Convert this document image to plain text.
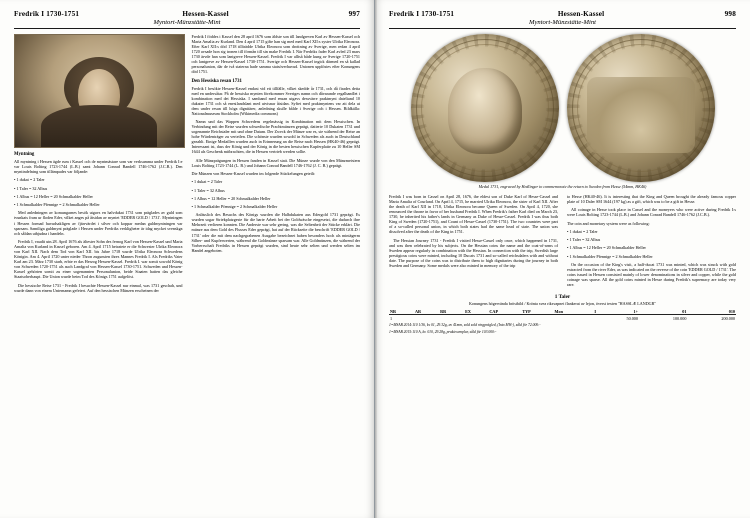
Fredrik I 1730-1751	Hessen-Kassel	997
Myntort-Münzstätte-Mint
Myntning

All myntning i Hessen ägde rum i Kassel och de myntmästare som var verksamma under Fredrik I:e var Louis Bolting 1723-1744 (L.B.) samt Johann Conrad Bandell 1746-1762 (J.C.B.). Den myntindelning som tillämpades var följande:

• 1 dukat = 2 Taler

• 1 Taler = 32 Albus

• 1 Albus = 12 Heller = 20 Schmalkalder Heller

• 1 Schmalkalder Pfennige = 2 Schmalkalder Heller

Med anledningen av komungarnes besök utgavs en halvdukat 1731 som präglades av guld som tvunkats fram ur floden Eder, vilket anges på åtsidan av myntet 'EDDER GOLD / 1731'. Myntningen i Hessen formad huvudsakligen av fjärrvärdet i silver och koppar medan guldmyntningen var sparsam. Samtliga guldmynt präglade i Hessen under Fredriks verkligheter är idag mycket svenskga och såldan utbjudna i handeln.

Fredrik I, vaudit utn.28. April 1676 als ältester Sohn des fernog Karl von Hessen-Kassel und Maria Amalia von Kurland in Kassel geboren. Am 4. April 1715 heiratete er die Schwester Ulrika Eleonora von Karl XII. Nach dem Tod von Karl XII. bis Jahre 1718 wurde Ulrika Eleonora Schwedens Königin. Am 4. April 1720 unter nieder Thron zugunsten ihres Mannes Fredrik I. Als Fredriks Vater Karl am 23. März 1730 starb, erbte er das Herzog Hessen-Kassel. Fredrik I. war somit sowohl König von Schweden 1720-1751 als auch Landgraf von Hessen-Kassel 1730-1751. Schweden und Hessen-Kassel gehörten somit zu einer sogenannten Personalunion, beide Staaten hatten das gleiche Staatsoberhaupt. Die Union wurde beim Tod des Königs 1751 aufgelöst.

Die hessische Reise 1731 - Fredrik I besuchte Hessen-Kassel nur einmal, was 1731 geschah, und wurde dann von einem Unternamn gefeiert. Auf den hessischen Münzen erscheinen der

Fredrik I föddes i Kassel den 28 april 1676 som äldste son till landgreven Karl av Hessen-Kassel och Maria Amalia av Kurland. Den 4 april 1715 gifte han sig med med Karl XII:s syster Ulrika Eleonora. Efter Karl XII:s död 1718 tillträdde Ulrika Eleonora som drottning av Sverige, men redan 4 april 1720 avsade hon sig tronen till förmån till sin make Fredrik I. När Fredriks fader Karl avled 23 mars 1730 ärvde han som lantgreve Hessen-Kassel. Fredrik I var alltså både kung av Sverige 1720-1751 och lantgreve av Hessen-Kassel 1730-1751. Sverige och Hessen-Kassel ingick därmed en så kallad personalunion, där de två staterna hade samma statsöverhuvud. Unionen upplöstes efter Konungens död 1751.

Den Hessiska resan 1731

Fredrik I besökte Hessen-Kassel endast vid ett tillfälle, vilket skedde år 1731, och då firades detta med en undersåtar. På de hessiska mynten förekommer Sveriges namn och dåvarande regalhandlet i kombination med det Hessiska. I samband med ensan utgavs dessvärre praktmynt dateliand 10 dukater 1731 och så enestlandslant med utvisnar åtsidan. Syftet med praktmyntens var att dela ut dem under resan till höga dignitärer, anledning skulle bålde i Sverige och i Hessen. Bildkälla: Nationalmuseum Stockholm (Wikimedia commons)

Namn und das Wappen Schwedens regelmässig in Kombination mit dem Hessischen. In Verbindung mit der Reise wurden schwedische Prachtmünzen geprägt, datierte 10 Dukaten 1731 und sogenannte Reichstaler mit und ohne Datum. Der Zweck der Münze war es, sie während der Reise an hohe Würdenträger zu verteilen. Die schönste wurden sowohl in Schweden als auch in Deutschland gezahlt. Einige Medaillen wurden auch in Erinnerung an die Reise nach Hessen (HK40-46) geprägt. Interessant ist, dass der König und der König in die besten hessischen Kupferplatte zu 10 Heller SM 1644 als Geschenk mitbrachten, die in Hessen vertrieb werden sollte.

Alle Münzprägungen in Hessen fanden in Kassel statt. Die Münze wurde von den Münzmeistern Louis Bolting 1723-1744 (L. B.) und Johann Conrad Bandell 1746-1762 (J. C. B.) geprägt.

Die Münzen von Hessen-Kassel wurden im folgende Stückelungen geteilt:

• 1 dukat = 2 Taler

• 1 Taler = 32 Albus

• 1 Albus = 12 Heller = 20 Schmalkalder Heller

• 1 Schmalkalder Pfennige = 2 Schmalkalder Heller

Anlässlich des Besuchs des Königs wurden die Halbdukaten aus Edergold 1731 geprägt. Es wurden sogar Striekplatzgeste für die barte Arbeit bei der Goldwäsche eingesetzt, die dadurch ihre Mehrzeit verlieren konnten. Die Anderste war sehr gering, was die Seltenheit der Stücke erklärt. Die münze aus dem Gold des Flusses Eder geprägt, hat auf der Rückseite die beschrift 'EDDER GOLD / 1731' oder die mit dem nachgegrabenen Ausgabe bezeichnet haben besonders hoch als mintägerm Silber- und Kupferwerten, während die Goldmünze sparsam war. Alle Goldmünzen, die während der Vorherrschaft Fredriks in Hessen geprägt wurden, sind heute sehr selten und werden selten im Handel angeboten.

Fredrik I 1730-1751	Hessen-Kassel	998
Myntort-Münzstätte-Mint
Medal 1731, engraved by Hedlinger to commemorate the return to Sweden from Hesse (54mm, HK46)

Fredrik I was born in Cassel on April 28, 1676, the eldest son of Duke Karl of Hesse-Cassel and Maria Amalia of Courland. On April 4, 1715, he married Ulrika Eleonora, the sister of Karl XII. After the death of Karl XII in 1718, Ulrika Eleonora became Queen of Sweden. On April 4, 1720, she renounced the throne in favor of her husband Fredrik I. When Fredrik's father Karl died on March 23, 1730, he inherited his father's lands in Germany as Duke of Hesse-Cassel. Fredrik I was thus both King of Sweden (1720-1751), and Count of Hesse-Cassel (1730-1751). The two countries were part of a so-called personal union, in which both states had the same head of state. The union was dissolved after the death of the King in 1751.

The Hessian Journey 1731 - Fredrik I visited Hesse-Cassel only once, which happened in 1731, and was then celebrated by his subjects. On the Hessian coins the name and the coat-of-arms of Sweden appear regularly in combination with the Hessian. In connection with the trip, Swedish large prestigious coins were minted, including 10 Ducats 1731 and so-called reichsdalers with and without date. The purpose of the coins was to distribute them to high dignitaries during the journey in both Sweden and Germany. Some medals were also minted in memory of the trip

to Hesse (HK40-46). It is interesting that the King and Queen brought the already famous copper plate of 10 Daler SM 1644 (197 kg) as a gift, which was to be a gift in Hesse.

All coinage in Hesse took place in Cassel and the moneyers who were active during Fredrik I:s were Louis Bolting 1723-1744 (L.B.) and Johann Conrad Bandell 1746-1762 (J.C.B.).

The coin and monetary system were as following:

• 1 dukat = 2 Taler

• 1 Taler = 32 Albus

• 1 Albus = 12 Heller = 20 Schmalkalder Heller

• 1 Schmalkalder Pfennige = 2 Schmalkalder Heller

On the occasion of the King's visit, a half-ducat 1731 was minted, which was struck with gold extracted from the river Eder, as was indicated on the reverse of the coin 'EDDER GOLD / 1731'. The coins issued in Hessen consisted mainly of lower denominations in silver and copper, while the gold coinage was sparse. All the gold coins minted in Hesse during Fredrik's supremacy are today very rare.

1 Taler
Konungens högervända bröstbild / Krönta svea riksvapnet flankerat av lejon, överst texten "HASSLÆ LANDGR"
NR	AR	RR	EX	CAP	TYP	Mon	I	1+	01	010
1								50.000	100.000	200.000
1=MSAB 2014:110 1/36, kv 01, 29.32g, av 41mm, sold sold ringprägled, (Into MW:), såld för 72.000:-
1=MSAB 2015:110 A, kv. 010, 29.28g, praktexemplar, såld för 103.000:-
